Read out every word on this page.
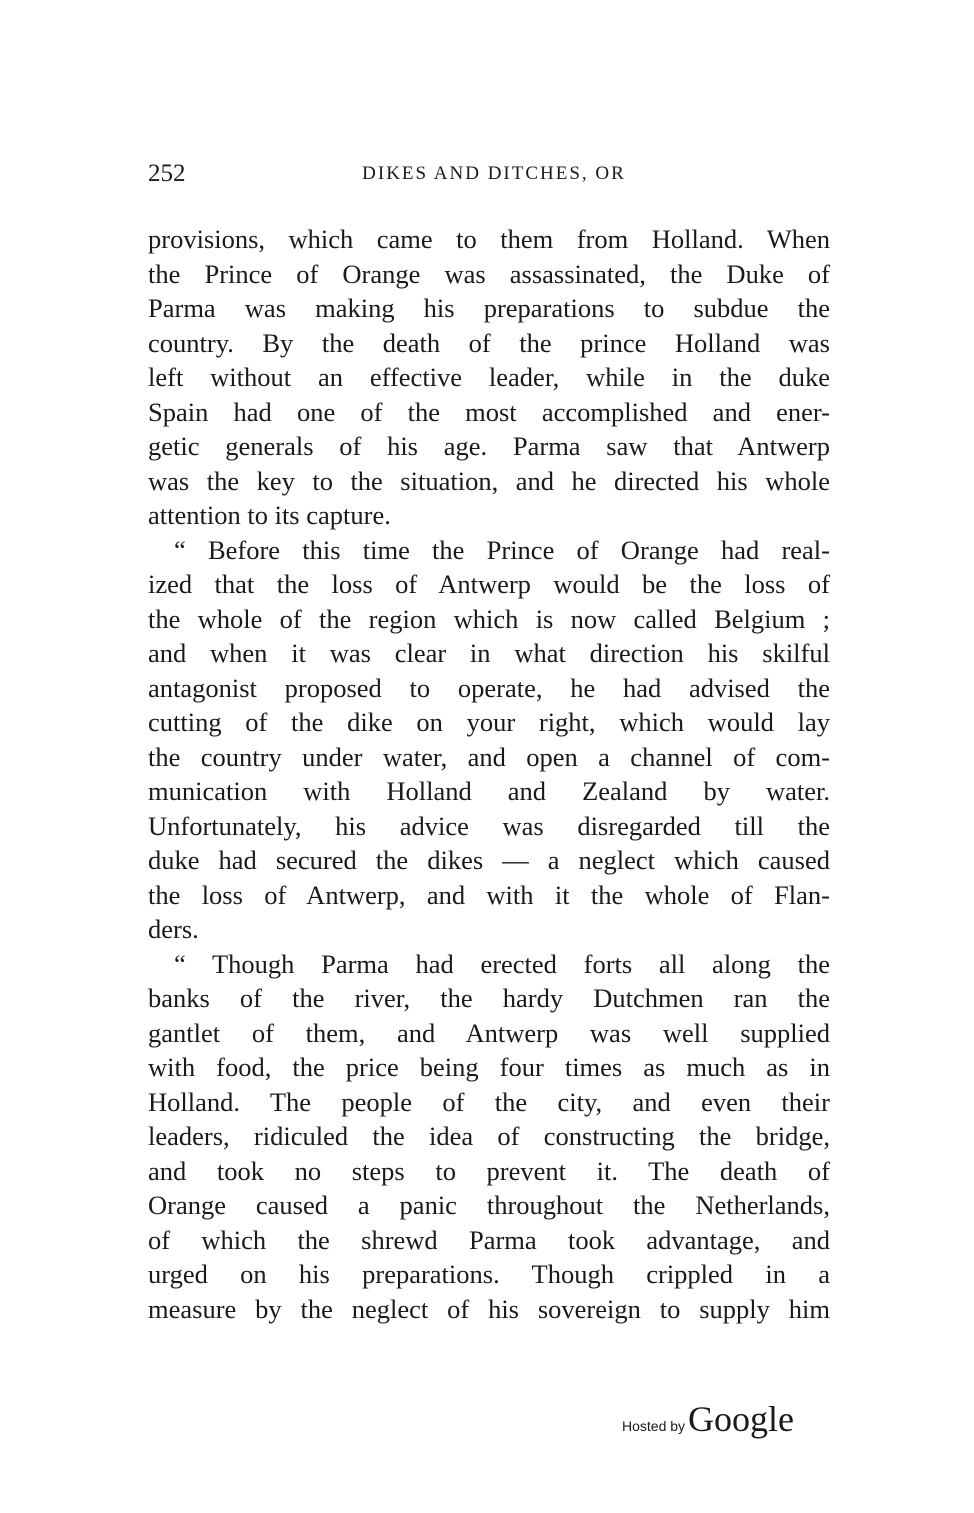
252	DIKES AND DITCHES, OR
provisions, which came to them from Holland. When
the Prince of Orange was assassinated, the Duke of
Parma was making his preparations to subdue the
country. By the death of the prince Holland was
left without an effective leader, while in the duke
Spain had one of the most accomplished and ener-
getic generals of his age. Parma saw that Antwerp
was the key to the situation, and he directed his whole
attention to its capture.
“ Before this time the Prince of Orange had real-
ized that the loss of Antwerp would be the loss of
the whole of the region which is now called Belgium ;
and when it was clear in what direction his skilful
antagonist proposed to operate, he had advised the
cutting of the dike on your right, which would lay
the country under water, and open a channel of com-
munication with Holland and Zealand by water.
Unfortunately, his advice was disregarded till the
duke had secured the dikes — a neglect which caused
the loss of Antwerp, and with it the whole of Flan-
ders.
“ Though Parma had erected forts all along the
banks of the river, the hardy Dutchmen ran the
gantlet of them, and Antwerp was well supplied
with food, the price being four times as much as in
Holland. The people of the city, and even their
leaders, ridiculed the idea of constructing the bridge,
and took no steps to prevent it. The death of
Orange caused a panic throughout the Netherlands,
of which the shrewd Parma took advantage, and
urged on his preparations. Though crippled in a
measure by the neglect of his sovereign to supply him
Hosted by Google
